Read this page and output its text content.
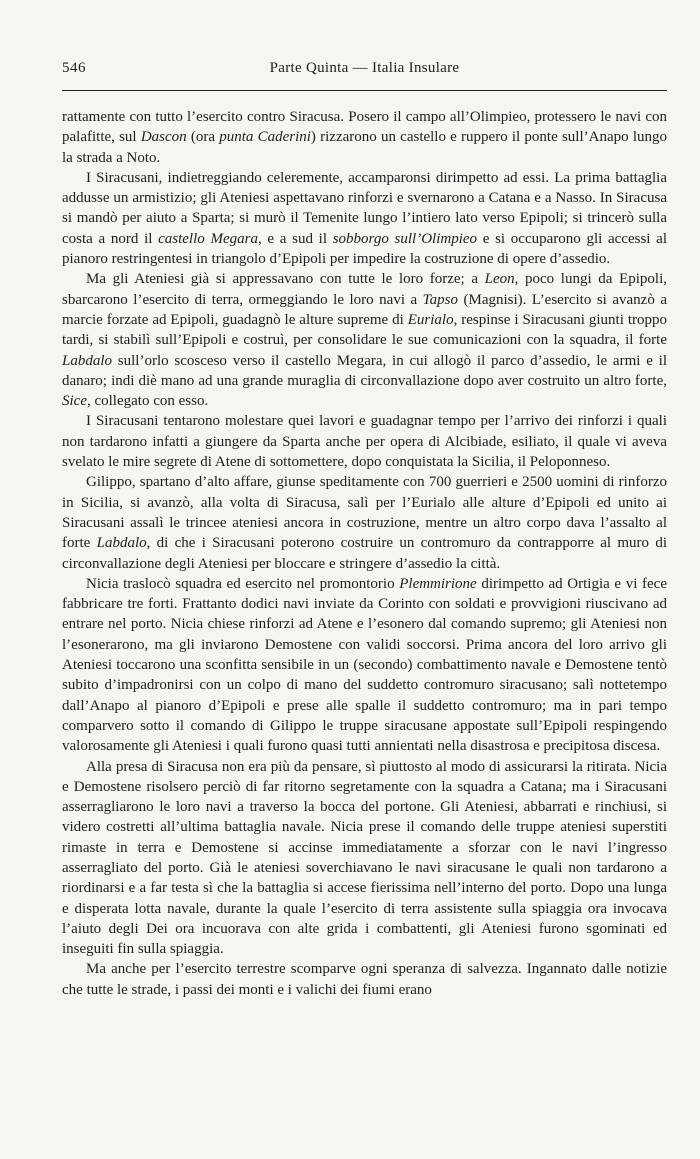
546	Parte Quinta — Italia Insulare

rattamente con tutto l’esercito contro Siracusa. Posero il campo all’Olimpieo, protessero le navi con palafitte, sul Dascon (ora punta Caderini) rizzarono un castello e ruppero il ponte sull’Anapo lungo la strada a Noto.

I Siracusani, indietreggiando celeremente, accamparonsi dirimpetto ad essi. La prima battaglia addusse un armistizio; gli Ateniesi aspettavano rinforzi e svernarono a Catana e a Nasso. In Siracusa si mandò per aiuto a Sparta; si murò il Temenite lungo l’intiero lato verso Epipoli; si trincerò sulla costa a nord il castello Megara, e a sud il sobborgo sull’Olimpieo e si occuparono gli accessi al pianoro restringentesi in triangolo d’Epipoli per impedire la costruzione di opere d’assedio.

Ma gli Ateniesi già si appressavano con tutte le loro forze; a Leon, poco lungi da Epipoli, sbarcarono l’esercito di terra, ormeggiando le loro navi a Tapso (Magnisi). L’esercito si avanzò a marcie forzate ad Epipoli, guadagnò le alture supreme di Eurialo, respinse i Siracusani giunti troppo tardi, si stabilì sull’Epipoli e costruì, per consolidare le sue comunicazioni con la squadra, il forte Labdalo sull’orlo scosceso verso il castello Megara, in cui allogò il parco d’assedio, le armi e il danaro; indi diè mano ad una grande muraglia di circonvallazione dopo aver costruito un altro forte, Sice, collegato con esso.

I Siracusani tentarono molestare quei lavori e guadagnar tempo per l’arrivo dei rinforzi i quali non tardarono infatti a giungere da Sparta anche per opera di Alcibiade, esiliato, il quale vi aveva svelato le mire segrete di Atene di sottomettere, dopo conquistata la Sicilia, il Peloponneso.

Gilippo, spartano d’alto affare, giunse speditamente con 700 guerrieri e 2500 uomini di rinforzo in Sicilia, si avanzò, alla volta di Siracusa, salì per l’Eurialo alle alture d’Epipoli ed unito ai Siracusani assalì le trincee ateniesi ancora in costruzione, mentre un altro corpo dava l’assalto al forte Labdalo, di che i Siracusani poterono costruire un contromuro da contrapporre al muro di circonvallazione degli Ateniesi per bloccare e stringere d’assedio la città.

Nicia traslocò squadra ed esercito nel promontorio Plemmirione dirimpetto ad Ortigia e vi fece fabbricare tre forti. Frattanto dodici navi inviate da Corinto con soldati e provvigioni riuscivano ad entrare nel porto. Nicia chiese rinforzi ad Atene e l’esonero dal comando supremo; gli Ateniesi non l’esonerarono, ma gli inviarono Demostene con validi soccorsi. Prima ancora del loro arrivo gli Ateniesi toccarono una sconfitta sensibile in un (secondo) combattimento navale e Demostene tentò subito d’impadronirsi con un colpo di mano del suddetto contromuro siracusano; salì nottetempo dall’Anapo al pianoro d’Epipoli e prese alle spalle il suddetto contromuro; ma in pari tempo comparvero sotto il comando di Gilippo le truppe siracusane appostate sull’Epipoli respingendo valorosamente gli Ateniesi i quali furono quasi tutti annientati nella disastrosa e precipitosa discesa.

Alla presa di Siracusa non era più da pensare, sì piuttosto al modo di assicurarsi la ritirata. Nicia e Demostene risolsero perciò di far ritorno segretamente con la squadra a Catana; ma i Siracusani asserragliarono le loro navi a traverso la bocca del portone. Gli Ateniesi, abbarrati e rinchiusi, si videro costretti all’ultima battaglia navale. Nicia prese il comando delle truppe ateniesi superstiti rimaste in terra e Demostene si accinse immediatamente a sforzar con le navi l’ingresso asserragliato del porto. Già le ateniesi soverchiavano le navi siracusane le quali non tardarono a riordinarsi e a far testa sì che la battaglia si accese fierissima nell’interno del porto. Dopo una lunga e disperata lotta navale, durante la quale l’esercito di terra assistente sulla spiaggia ora invocava l’aiuto degli Dei ora incuorava con alte grida i combattenti, gli Ateniesi furono sgominati ed inseguiti fin sulla spiaggia.

Ma anche per l’esercito terrestre scomparve ogni speranza di salvezza. Ingannato dalle notizie che tutte le strade, i passi dei monti e i valichi dei fiumi erano
